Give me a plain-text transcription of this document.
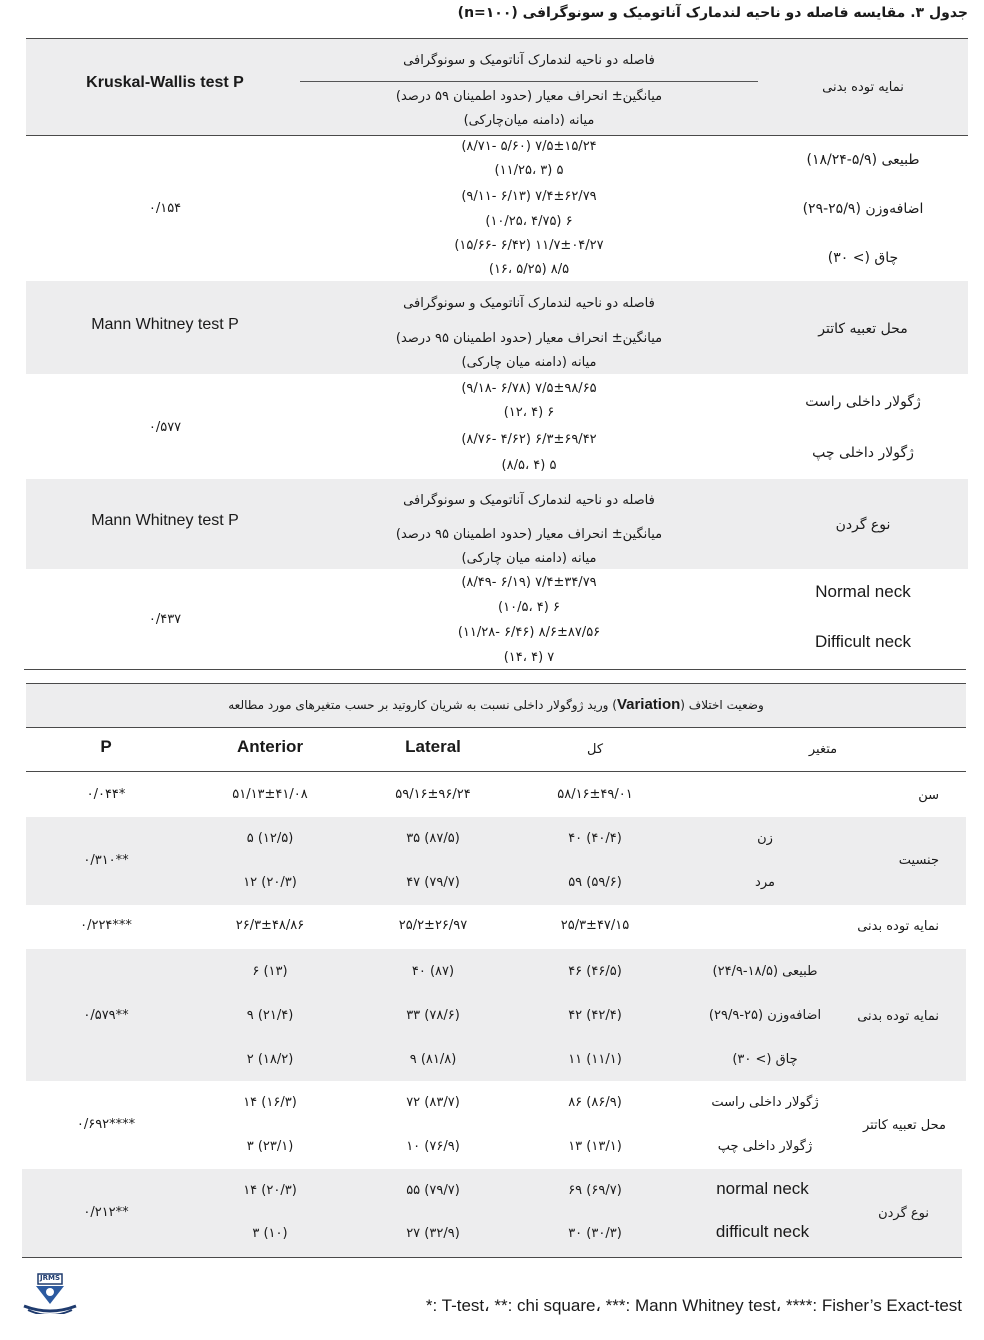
جدول ۳. مقایسه فاصله دو ناحیه لندمارک آناتومیک و سونوگرافی (n=۱۰۰)
فاصله دو ناحیه لندمارک آناتومیک و سونوگرافی
میانگین± انحراف معیار (حدود اطمینان ۵۹ درصد)
میانه (دامنه میان‌چارکی)
نمایه توده بدنی
Kruskal-Wallis test P
۷/۵±۱۵/۲۴ (۵/۶۰ -۸/۷۱)
۵ (۳ ،۱۱/۲۵)
طبیعی (۵/۹-۱۸/۲۴)
۷/۴±۶۲/۷۹ (۶/۱۳ -۹/۱۱)
۶ (۴/۷۵ ،۱۰/۲۵)
اضافه‌وزن (۲۵/۹-۲۹)
۱۱/۷±۰۴/۲۷ (۶/۴۲ -۱۵/۶۶)
۸/۵ (۵/۲۵ ،۱۶)
چاق (> ۳۰)
۰/۱۵۴
فاصله دو ناحیه لندمارک آناتومیک و سونوگرافی
میانگین± انحراف معیار (حدود اطمینان ۹۵ درصد)
میانه (دامنه میان چارکی)
محل تعبیه کاتتر
Mann Whitney test P
۷/۵±۹۸/۶۵ (۶/۷۸ -۹/۱۸)
۶ (۴ ،۱۲)
ژگولار داخلی راست
۶/۳±۶۹/۴۲ (۴/۶۲ -۸/۷۶)
۵ (۴ ،۸/۵)
ژگولار داخلی چپ
۰/۵۷۷
فاصله دو ناحیه لندمارک آناتومیک و سونوگرافی
میانگین± انحراف معیار (حدود اطمینان ۹۵ درصد)
میانه (دامنه میان چارکی)
نوع گردن
Mann Whitney test P
۷/۴±۳۴/۷۹ (۶/۱۹ -۸/۴۹)
۶ (۴ ،۱۰/۵)
Normal neck
۸/۶±۸۷/۵۶ (۶/۴۶ -۱۱/۲۸)
۷ (۴ ،۱۴)
Difficult neck
۰/۴۳۷
وضعیت اختلاف (Variation) ورید ژوگولار داخلی نسبت به شریان کاروتید بر حسب متغیرهای مورد مطالعه
متغیر
کل
Lateral
Anterior
P
سن
۵۸/۱۶±۴۹/۰۱
۵۹/۱۶±۹۶/۲۴
۵۱/۱۳±۴۱/۰۸
۰/۰۴۴*
جنسیت
زن
۴۰ (۴۰/۴)
۳۵ (۸۷/۵)
۵ (۱۲/۵)
مرد
۵۹ (۵۹/۶)
۴۷ (۷۹/۷)
۱۲ (۲۰/۳)
۰/۳۱۰**
نمایه توده بدنی
۲۵/۳±۴۷/۱۵
۲۵/۲±۲۶/۹۷
۲۶/۳±۴۸/۸۶
۰/۲۲۴***
نمایه توده بدنی
طبیعی (۱۸/۵-۲۴/۹)
۴۶ (۴۶/۵)
۴۰ (۸۷)
۶ (۱۳)
اضافه‌وزن (۲۵-۲۹/۹)
۴۲ (۴۲/۴)
۳۳ (۷۸/۶)
۹ (۲۱/۴)
چاق (> ۳۰)
۱۱ (۱۱/۱)
۹ (۸۱/۸)
۲ (۱۸/۲)
۰/۵۷۹**
محل تعبیه کاتتر
ژگولار داخلی راست
۸۶ (۸۶/۹)
۷۲ (۸۳/۷)
۱۴ (۱۶/۳)
ژگولار داخلی چپ
۱۳ (۱۳/۱)
۱۰ (۷۶/۹)
۳ (۲۳/۱)
۰/۶۹۲****
نوع گردن
normal neck
۶۹ (۶۹/۷)
۵۵ (۷۹/۷)
۱۴ (۲۰/۳)
difficult neck
۳۰ (۳۰/۳)
۲۷ (۳۲/۹)
۳ (۱۰)
۰/۲۱۲**
JRMS
*: T-test، **: chi square، ***: Mann Whitney test، ****: Fisher’s Exact-test
